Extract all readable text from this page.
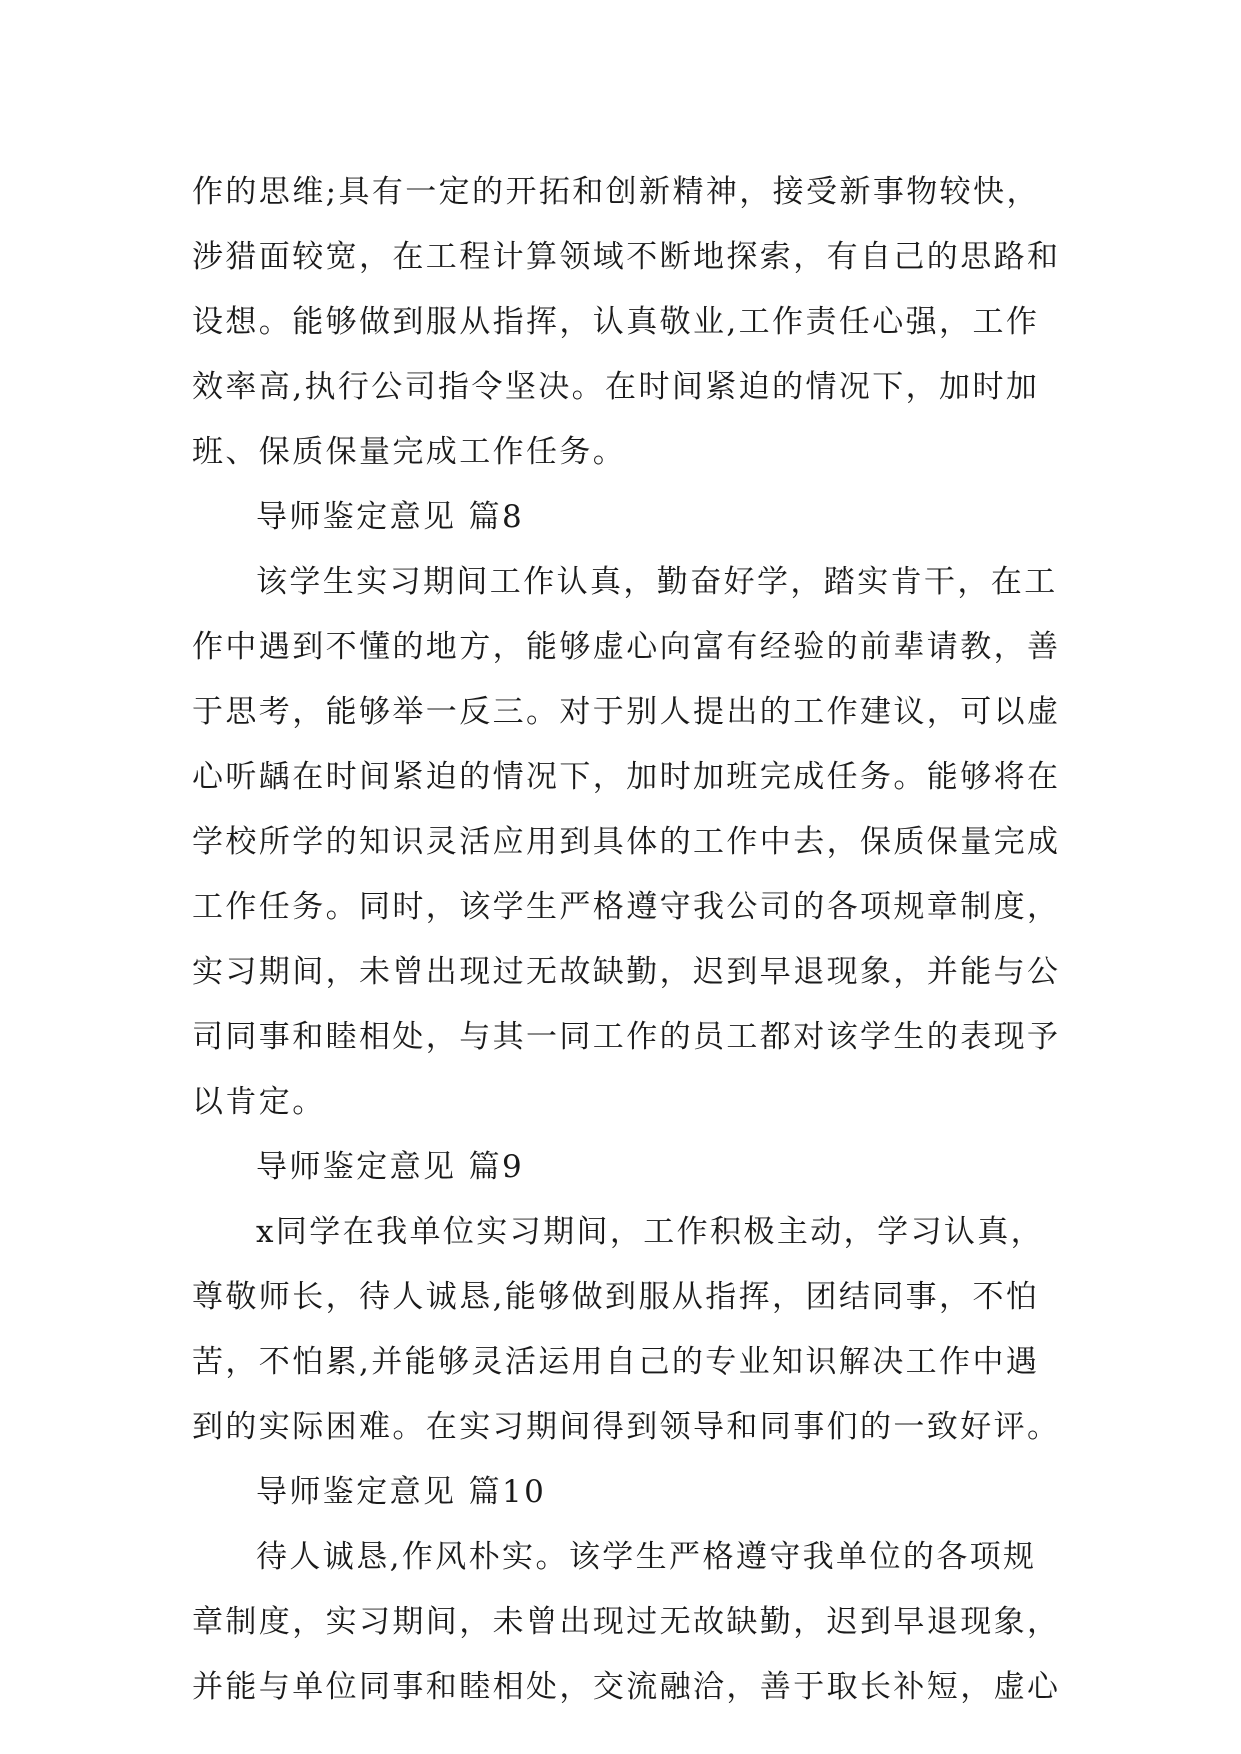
作的思维;具有一定的开拓和创新精神，接受新事物较快，
涉猎面较宽，在工程计算领域不断地探索，有自己的思路和
设想。能够做到服从指挥，认真敬业,工作责任心强，工作
效率高,执行公司指令坚决。在时间紧迫的情况下，加时加
班、保质保量完成工作任务。
导师鉴定意见 篇8
该学生实习期间工作认真，勤奋好学，踏实肯干，在工
作中遇到不懂的地方，能够虚心向富有经验的前辈请教，善
于思考，能够举一反三。对于别人提出的工作建议，可以虚
心听龋在时间紧迫的情况下，加时加班完成任务。能够将在
学校所学的知识灵活应用到具体的工作中去，保质保量完成
工作任务。同时，该学生严格遵守我公司的各项规章制度，
实习期间，未曾出现过无故缺勤，迟到早退现象，并能与公
司同事和睦相处，与其一同工作的员工都对该学生的表现予
以肯定。
导师鉴定意见 篇9
x同学在我单位实习期间，工作积极主动，学习认真，
尊敬师长，待人诚恳,能够做到服从指挥，团结同事，不怕
苦，不怕累,并能够灵活运用自己的专业知识解决工作中遇
到的实际困难。在实习期间得到领导和同事们的一致好评。
导师鉴定意见 篇10
待人诚恳,作风朴实。该学生严格遵守我单位的各项规
章制度，实习期间，未曾出现过无故缺勤，迟到早退现象，
并能与单位同事和睦相处，交流融洽，善于取长补短，虚心
